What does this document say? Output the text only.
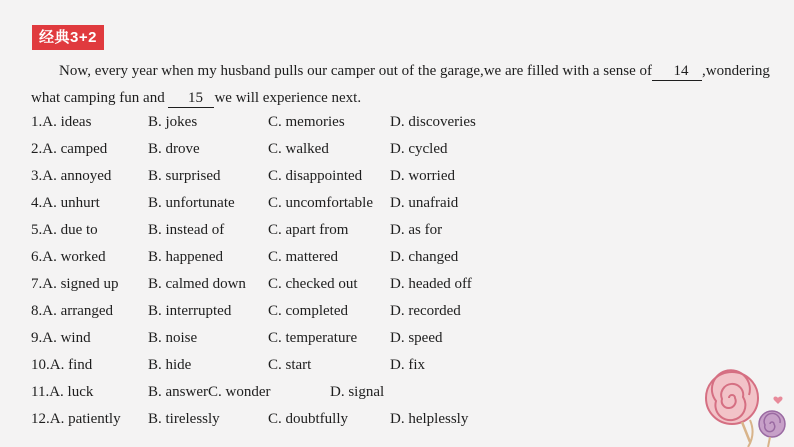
经典3+2
Now, every year when my husband pulls our camper out of the garage,we are filled with a sense of 14 ,wondering what camping fun and 15 we will experience next.
1.A. ideas	B. jokes	C. memories	D. discoveries
2.A. camped	B. drove	C. walked	D. cycled
3.A. annoyed B. surprised	C. disappointed D. worried
4.A. unhurt	B. unfortunate C. uncomfortable D. unafraid
5.A. due to	B. instead of	C. apart from	D. as for
6.A. worked	B. happened	C. mattered	D. changed
7.A. signed up B. calmed down C. checked out D. headed off
8.A. arranged B. interrupted C. completed	D. recorded
9.A. wind	B. noise	C. temperature D. speed
10.A. find	B. hide	C. start	D. fix
11.A. luck	B. answerC. wonder	D. signal
12.A. patiently B. tirelessly	C. doubtfully	D. helplessly
